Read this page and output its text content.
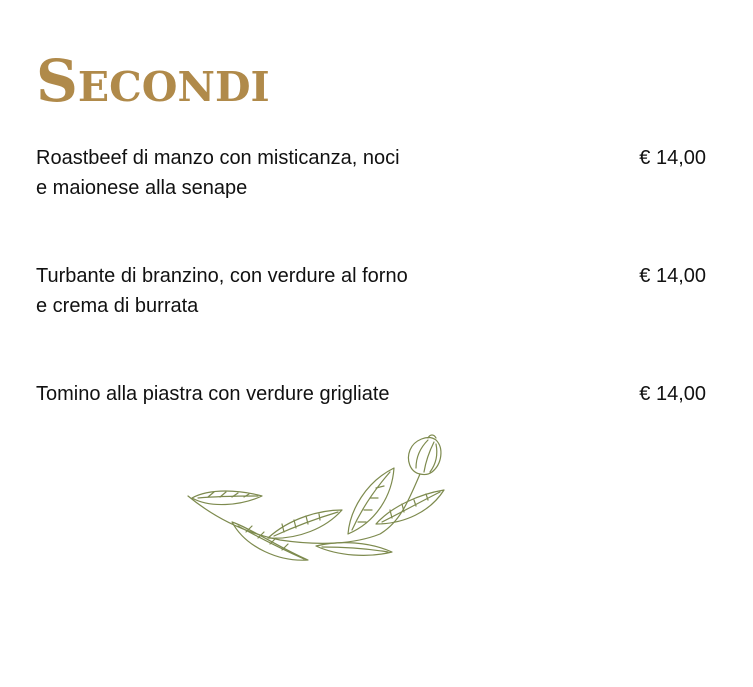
Secondi
Roastbeef di manzo con misticanza, noci
e maionese alla senape
€ 14,00
Turbante di branzino, con verdure al forno
e crema di burrata
€ 14,00
Tomino alla piastra con verdure grigliate	€ 14,00
